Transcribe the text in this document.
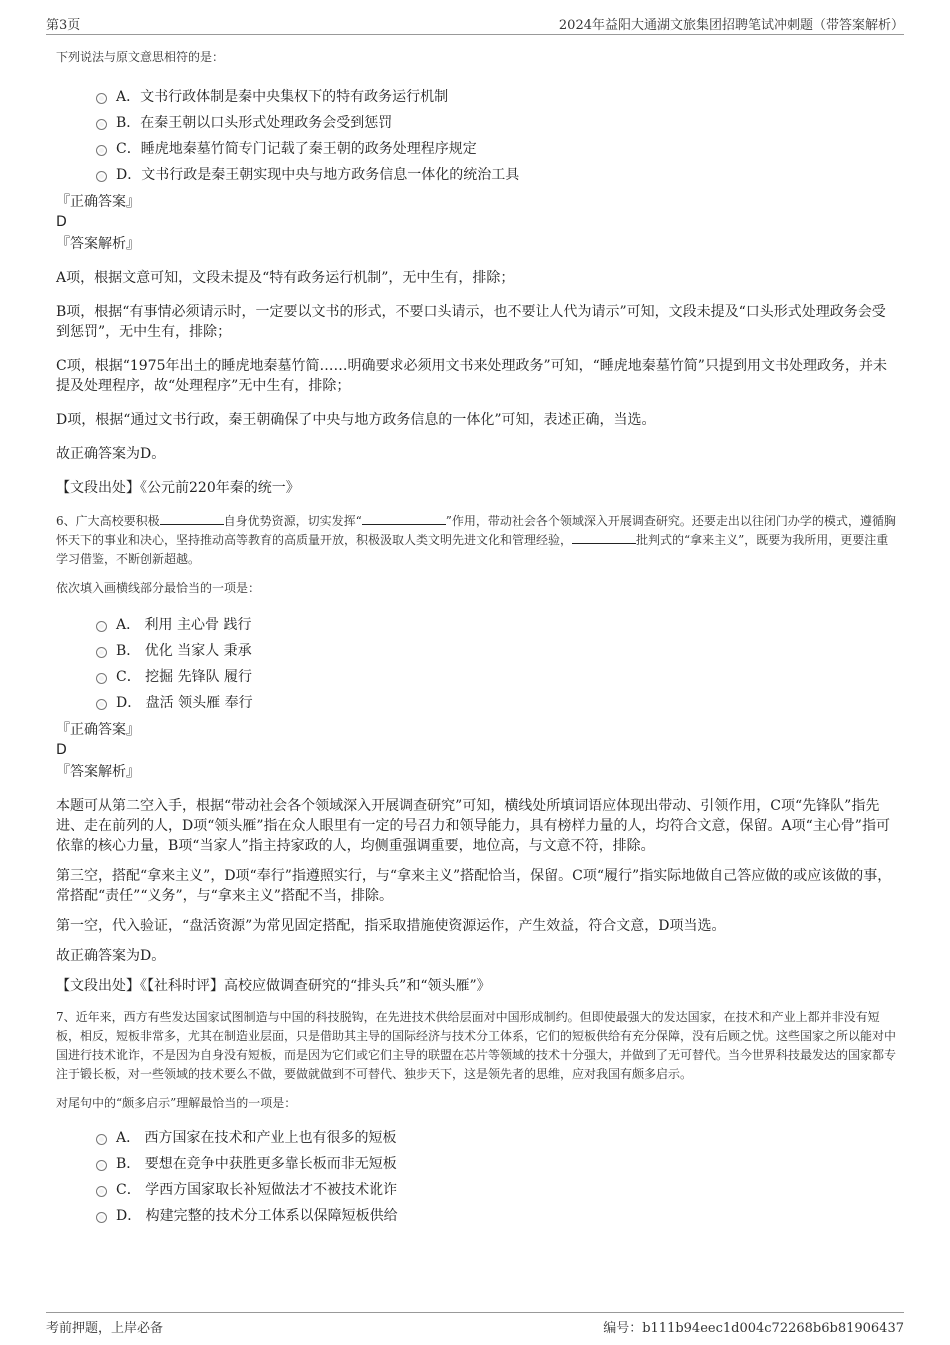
第3页	2024年益阳大通湖文旅集团招聘笔试冲刺题（带答案解析）

下列说法与原文意思相符的是：

A．文书行政体制是秦中央集权下的特有政务运行机制
B．在秦王朝以口头形式处理政务会受到惩罚
C．睡虎地秦墓竹简专门记载了秦王朝的政务处理程序规定
D．文书行政是秦王朝实现中央与地方政务信息一体化的统治工具

『正确答案』

D

『答案解析』

A项，根据文意可知，文段未提及“特有政务运行机制”，无中生有，排除；

B项，根据“有事情必须请示时，一定要以文书的形式，不要口头请示，也不要让人代为请示”可知，文段未提及“口头形式处理政务会受到惩罚”，无中生有，排除；

C项，根据“1975年出土的睡虎地秦墓竹简……明确要求必须用文书来处理政务”可知，“睡虎地秦墓竹简”只提到用文书处理政务，并未提及处理程序，故“处理程序”无中生有，排除；

D项，根据“通过文书行政，秦王朝确保了中央与地方政务信息的一体化”可知，表述正确，当选。

故正确答案为D。

【文段出处】《公元前220年秦的统一》

6、广大高校要积极	自身优势资源，切实发挥“	”作用，带动社会各个领域深入开展调查研究。还要走出以往闭门办学的模式，遵循胸怀天下的事业和决心，坚持推动高等教育的高质量开放，积极汲取人类文明先进文化和管理经验，	批判式的“拿来主义”，既要为我所用，更要注重学习借鉴，不断创新超越。

依次填入画横线部分最恰当的一项是：

A． 利用 主心骨 践行
B． 优化 当家人 秉承
C． 挖掘 先锋队 履行
D． 盘活 领头雁 奉行

『正确答案』

D

『答案解析』

本题可从第二空入手，根据“带动社会各个领域深入开展调查研究”可知，横线处所填词语应体现出带动、引领作用，C项“先锋队”指先进、走在前列的人，D项“领头雁”指在众人眼里有一定的号召力和领导能力，具有榜样力量的人，均符合文意，保留。A项“主心骨”指可依靠的核心力量，B项“当家人”指主持家政的人，均侧重强调重要，地位高，与文意不符，排除。

第三空，搭配“拿来主义”，D项“奉行”指遵照实行，与“拿来主义”搭配恰当，保留。C项“履行”指实际地做自己答应做的或应该做的事，常搭配“责任”“义务”，与“拿来主义”搭配不当，排除。

第一空，代入验证，“盘活资源”为常见固定搭配，指采取措施使资源运作，产生效益，符合文意，D项当选。

故正确答案为D。

【文段出处】《【社科时评】高校应做调查研究的“排头兵”和“领头雁”》

7、近年来，西方有些发达国家试图制造与中国的科技脱钩，在先进技术供给层面对中国形成制约。但即使最强大的发达国家，在技术和产业上都并非没有短板，相反，短板非常多，尤其在制造业层面，只是借助其主导的国际经济与技术分工体系，它们的短板供给有充分保障，没有后顾之忧。这些国家之所以能对中国进行技术讹诈，不是因为自身没有短板，而是因为它们或它们主导的联盟在芯片等领域的技术十分强大，并做到了无可替代。当今世界科技最发达的国家都专注于锻长板，对一些领域的技术要么不做，要做就做到不可替代、独步天下，这是领先者的思维，应对我国有颇多启示。

对尾句中的“颇多启示”理解最恰当的一项是：

A． 西方国家在技术和产业上也有很多的短板
B． 要想在竞争中获胜更多靠长板而非无短板
C． 学西方国家取长补短做法才不被技术讹诈
D． 构建完整的技术分工体系以保障短板供给
考前押题，上岸必备	编号：b111b94eec1d004c72268b6b81906437
